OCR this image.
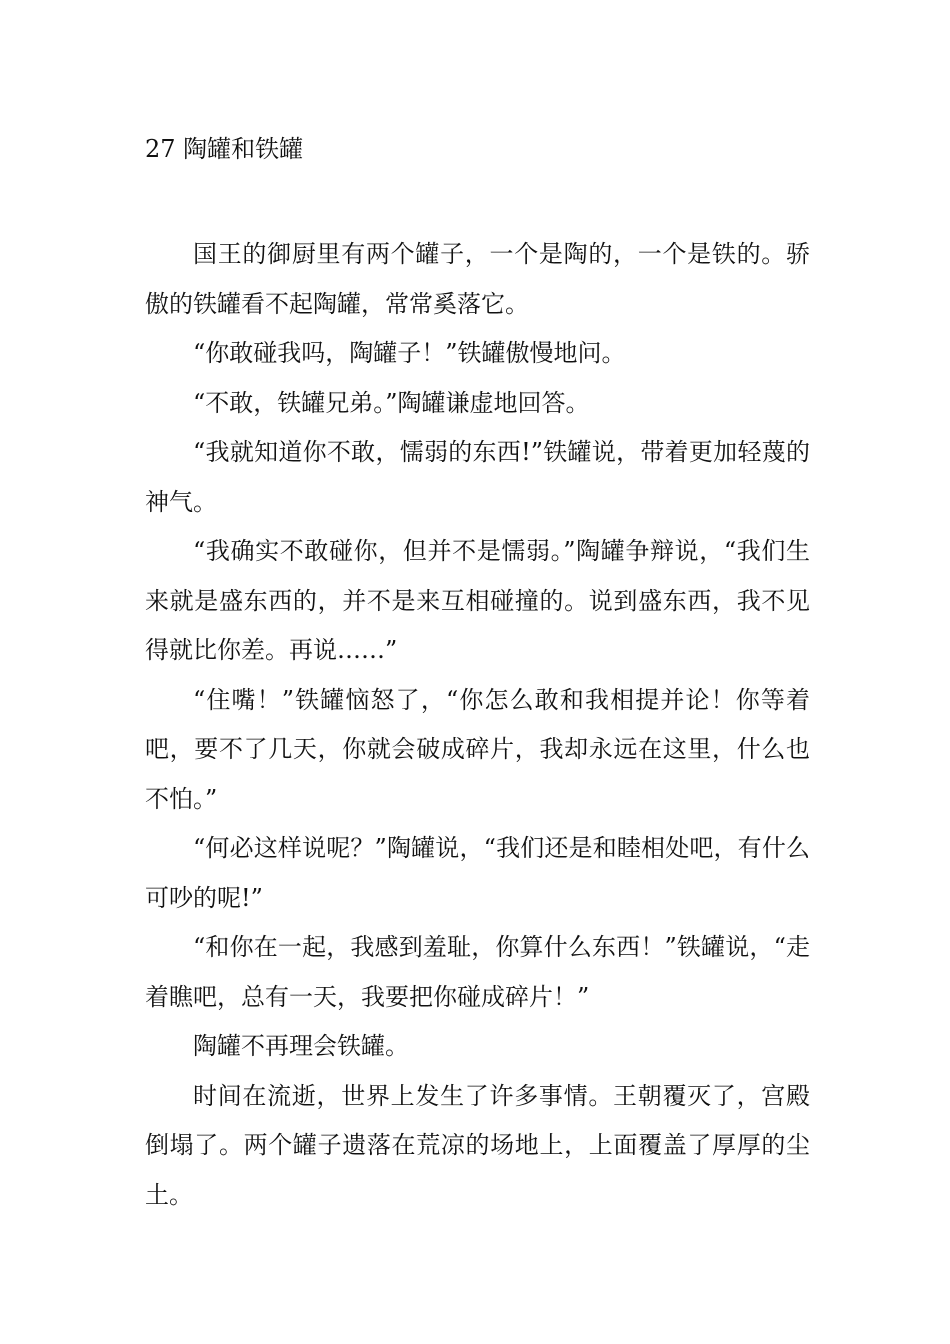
27 陶罐和铁罐

国王的御厨里有两个罐子，一个是陶的，一个是铁的。骄傲的铁罐看不起陶罐，常常奚落它。

“你敢碰我吗，陶罐子！”铁罐傲慢地问。

“不敢，铁罐兄弟。”陶罐谦虚地回答。

“我就知道你不敢，懦弱的东西!”铁罐说，带着更加轻蔑的神气。

“我确实不敢碰你，但并不是懦弱。”陶罐争辩说，“我们生来就是盛东西的，并不是来互相碰撞的。说到盛东西，我不见得就比你差。再说……”

“住嘴！”铁罐恼怒了，“你怎么敢和我相提并论！你等着吧，要不了几天，你就会破成碎片，我却永远在这里，什么也不怕。”

“何必这样说呢？”陶罐说，“我们还是和睦相处吧，有什么可吵的呢!”

“和你在一起，我感到羞耻，你算什么东西！”铁罐说，“走着瞧吧，总有一天，我要把你碰成碎片！”

陶罐不再理会铁罐。

时间在流逝，世界上发生了许多事情。王朝覆灭了，宫殿倒塌了。两个罐子遗落在荒凉的场地上，上面覆盖了厚厚的尘土。
